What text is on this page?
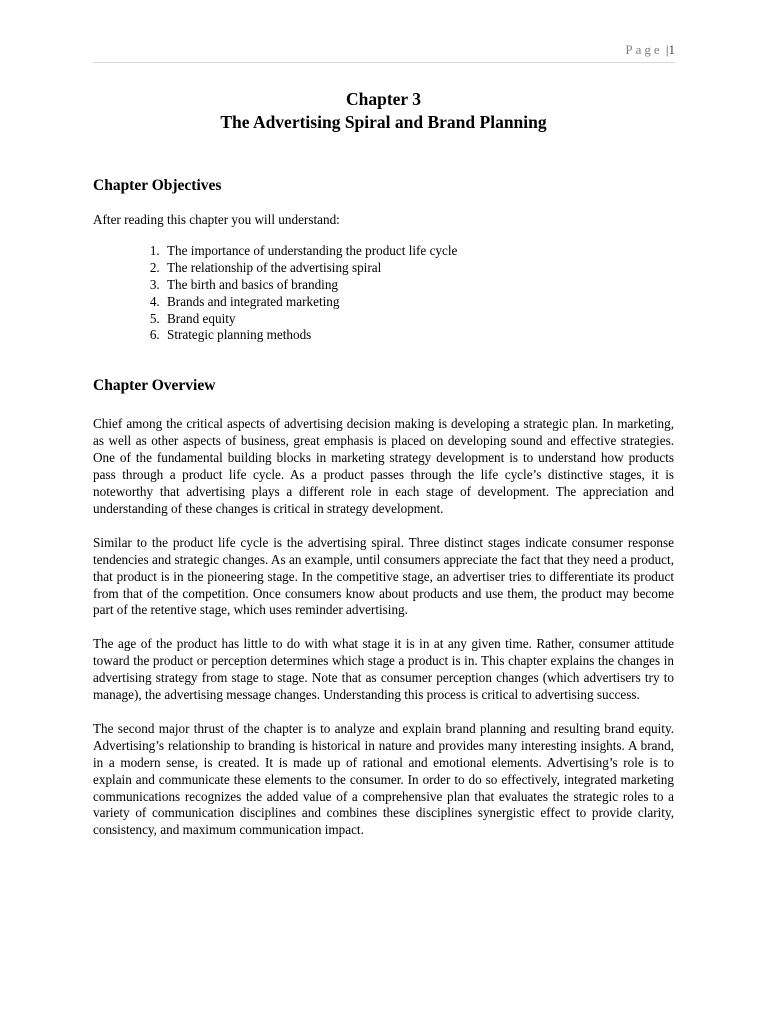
Page |1

Chapter 3

The Advertising Spiral and Brand Planning

Chapter Objectives

After reading this chapter you will understand:

1. The importance of understanding the product life cycle
2. The relationship of the advertising spiral
3. The birth and basics of branding
4. Brands and integrated marketing
5. Brand equity
6. Strategic planning methods
Chapter Overview

Chief among the critical aspects of advertising decision making is developing a strategic plan. In marketing, as well as other aspects of business, great emphasis is placed on developing sound and effective strategies. One of the fundamental building blocks in marketing strategy development is to understand how products pass through a product life cycle. As a product passes through the life cycle’s distinctive stages, it is noteworthy that advertising plays a different role in each stage of development. The appreciation and understanding of these changes is critical in strategy development.

Similar to the product life cycle is the advertising spiral. Three distinct stages indicate consumer response tendencies and strategic changes. As an example, until consumers appreciate the fact that they need a product, that product is in the pioneering stage. In the competitive stage, an advertiser tries to differentiate its product from that of the competition. Once consumers know about products and use them, the product may become part of the retentive stage, which uses reminder advertising.

The age of the product has little to do with what stage it is in at any given time. Rather, consumer attitude toward the product or perception determines which stage a product is in. This chapter explains the changes in advertising strategy from stage to stage. Note that as consumer perception changes (which advertisers try to manage), the advertising message changes. Understanding this process is critical to advertising success.

The second major thrust of the chapter is to analyze and explain brand planning and resulting brand equity. Advertising’s relationship to branding is historical in nature and provides many interesting insights. A brand, in a modern sense, is created. It is made up of rational and emotional elements. Advertising’s role is to explain and communicate these elements to the consumer. In order to do so effectively, integrated marketing communications recognizes the added value of a comprehensive plan that evaluates the strategic roles to a variety of communication disciplines and combines these disciplines synergistic effect to provide clarity, consistency, and maximum communication impact.
